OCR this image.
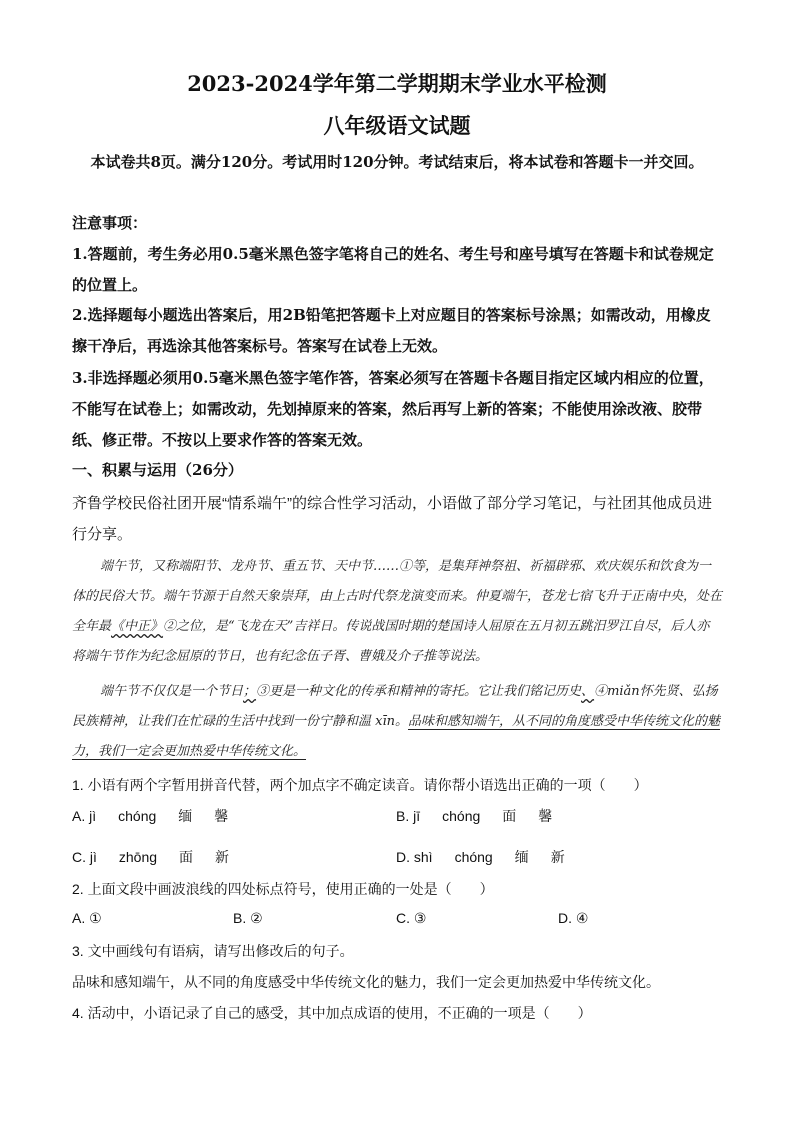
2023-2024学年第二学期期末学业水平检测
八年级语文试题
本试卷共8页。满分120分。考试用时120分钟。考试结束后，将本试卷和答题卡一并交回。
注意事项：
1.答题前，考生务必用0.5毫米黑色签字笔将自己的姓名、考生号和座号填写在答题卡和试卷规定的位置上。
2.选择题每小题选出答案后，用2B铅笔把答题卡上对应题目的答案标号涂黑；如需改动，用橡皮擦干净后，再选涂其他答案标号。答案写在试卷上无效。
3.非选择题必须用0.5毫米黑色签字笔作答，答案必须写在答题卡各题目指定区域内相应的位置，不能写在试卷上；如需改动，先划掉原来的答案，然后再写上新的答案；不能使用涂改液、胶带纸、修正带。不按以上要求作答的答案无效。
一、积累与运用（26分）
齐鲁学校民俗社团开展“情系端午”的综合性学习活动，小语做了部分学习笔记，与社团其他成员进行分享。
端午节，又称端阳节、龙舟节、重五节、天中节……①等，是集拜神祭祖、祈福辟邪、欢庆娱乐和饮食为一体的民俗大节。端午节源于自然天象崇拜，由上古时代祭龙演变而来。仲夏端午，苍龙七宿飞升于正南中央，处在全年最《中正》②之位，是“飞龙在天”吉祥日。传说战国时期的楚国诗人屈原在五月初五跳汨罗江自尽，后人亦将端午节作为纪念屈原的节日，也有纪念伍子胥、曹娥及介子推等说法。
端午节不仅仅是一个节日；③更是一种文化的传承和精神的寄托。它让我们铭记历史、④miǎn怀先贤、弘扬民族精神，让我们在忙碌的生活中找到一份宁静和温 xīn。品味和感知端午，从不同的角度感受中华传统文化的魅力，我们一定会更加热爱中华传统文化。
1. 小语有两个字暂用拼音代替，两个加点字不确定读音。请你帮小语选出正确的一项（　　）
A. jì chóng 缅 馨	B. jī chóng 面 馨
C. jì zhōng 面 新	D. shì chóng 缅 新
2. 上面文段中画波浪线的四处标点符号，使用正确的一处是（　　）
A. ①	B. ②	C. ③	D. ④
3. 文中画线句有语病，请写出修改后的句子。
品味和感知端午，从不同的角度感受中华传统文化的魅力，我们一定会更加热爱中华传统文化。
4. 活动中，小语记录了自己的感受，其中加点成语的使用，不正确的一项是（　　）
